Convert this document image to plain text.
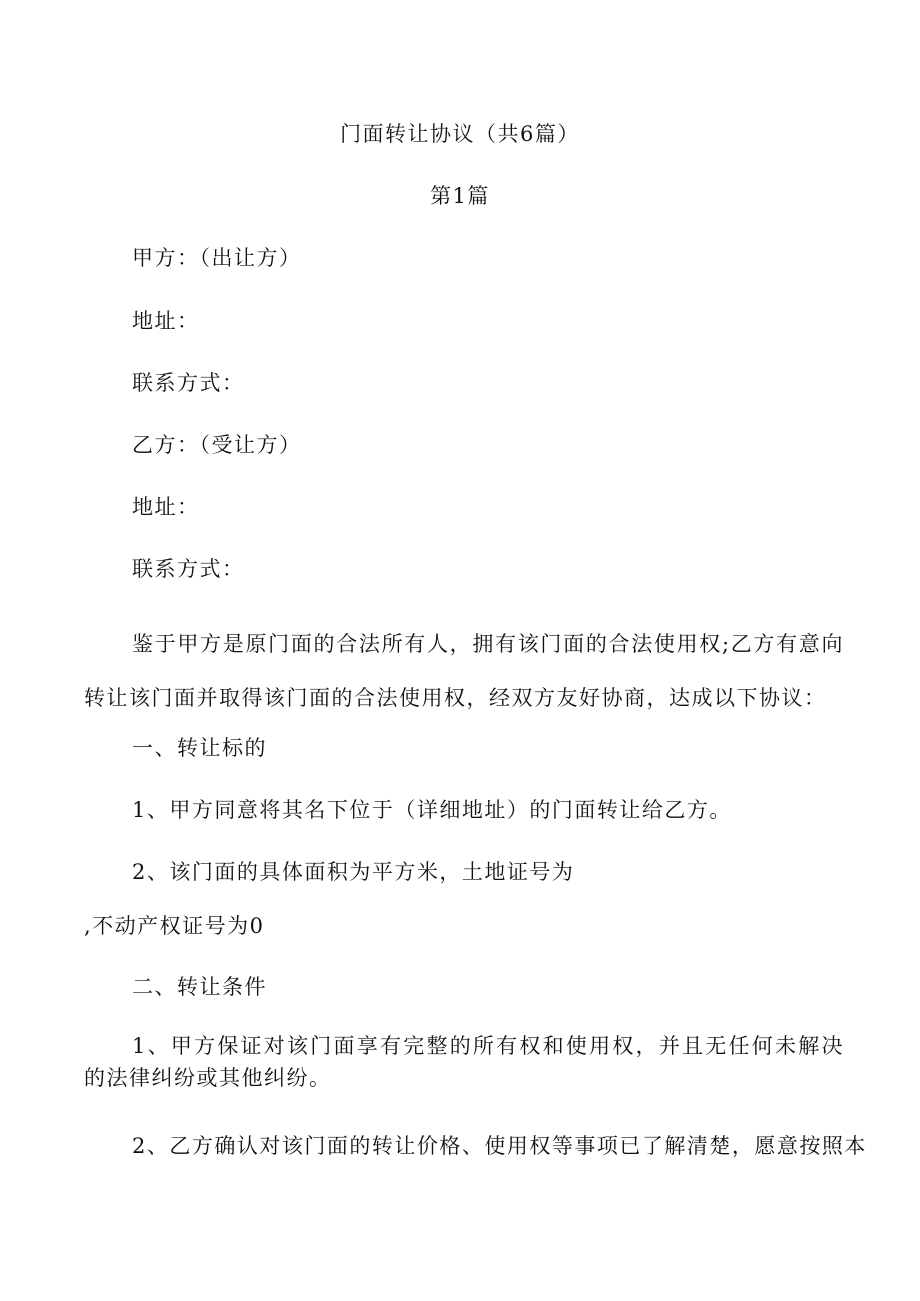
门面转让协议（共6篇）
第1篇
甲方：（出让方）
地址：
联系方式：
乙方：（受让方）
地址：
联系方式：
鉴于甲方是原门面的合法所有人，拥有该门面的合法使用权;乙方有意向转让该门面并取得该门面的合法使用权，经双方友好协商，达成以下协议：
一、转让标的
1、甲方同意将其名下位于（详细地址）的门面转让给乙方。
2、该门面的具体面积为平方米，土地证号为
,不动产权证号为0
二、转让条件
1、甲方保证对该门面享有完整的所有权和使用权，并且无任何未解决的法律纠纷或其他纠纷。
2、乙方确认对该门面的转让价格、使用权等事项已了解清楚，愿意按照本
